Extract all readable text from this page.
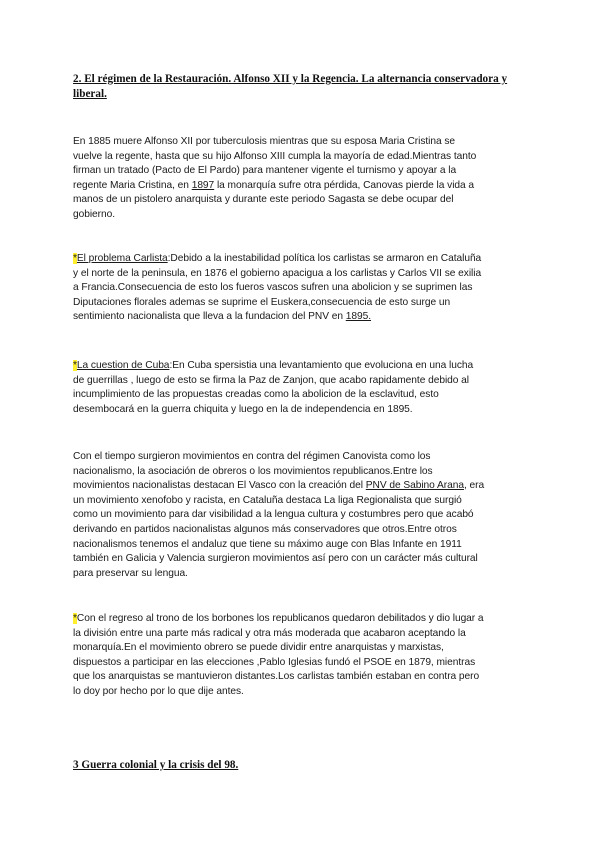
2. El régimen de la Restauración. Alfonso XII y la Regencia. La alternancia conservadora y
liberal.
En 1885 muere Alfonso XII por tuberculosis mientras que su esposa Maria Cristina se
vuelve la regente, hasta que su hijo Alfonso XIII cumpla la mayoría de edad.Mientras tanto
firman un tratado (Pacto de El Pardo) para mantener vigente el turnismo y apoyar a la
regente Maria Cristina, en 1897 la monarquía sufre otra pérdida, Canovas pierde la vida a
manos de un pistolero anarquista y durante este periodo Sagasta se debe ocupar del
gobierno.
*El problema Carlista:Debido a la inestabilidad política los carlistas se armaron en Cataluña
y el norte de la peninsula, en 1876 el gobierno apacigua a los carlistas y Carlos VII se exilia
a Francia.Consecuencia de esto los fueros vascos sufren una abolicion y se suprimen las
Diputaciones florales ademas se suprime el Euskera,consecuencia de esto surge un
sentimiento nacionalista que lleva a la fundacion del PNV en 1895.
*La cuestion de Cuba:En Cuba spersistia una levantamiento que evoluciona en una lucha
de guerrillas , luego de esto se firma la Paz de Zanjon, que acabo rapidamente debido al
incumplimiento de las propuestas creadas como la abolicion de la esclavitud, esto
desembocará en la guerra chiquita y luego en la de independencia en 1895.
Con el tiempo surgieron movimientos en contra del régimen Canovista como los
nacionalismo, la asociación de obreros o los movimientos republicanos.Entre los
movimientos nacionalistas destacan El Vasco con la creación del PNV de Sabino Arana, era
un movimiento xenofobo y racista, en Cataluña destaca La liga Regionalista que surgió
como un movimiento para dar visibilidad a la lengua cultura y costumbres pero que acabó
derivando en partidos nacionalistas algunos más conservadores que otros.Entre otros
nacionalismos tenemos el andaluz que tiene su máximo auge con Blas Infante en 1911
también en Galicia y Valencia surgieron movimientos así pero con un carácter más cultural
para preservar su lengua.
*Con el regreso al trono de los borbones los republicanos quedaron debilitados y dio lugar a
la división entre una parte más radical y otra más moderada que acabaron aceptando la
monarquía.En el movimiento obrero se puede dividir entre anarquistas y marxistas,
dispuestos a participar en las elecciones ,Pablo Iglesias fundó el PSOE en 1879, mientras
que los anarquistas se mantuvieron distantes.Los carlistas también estaban en contra pero
lo doy por hecho por lo que dije antes.
3 Guerra colonial y la crisis del 98.
